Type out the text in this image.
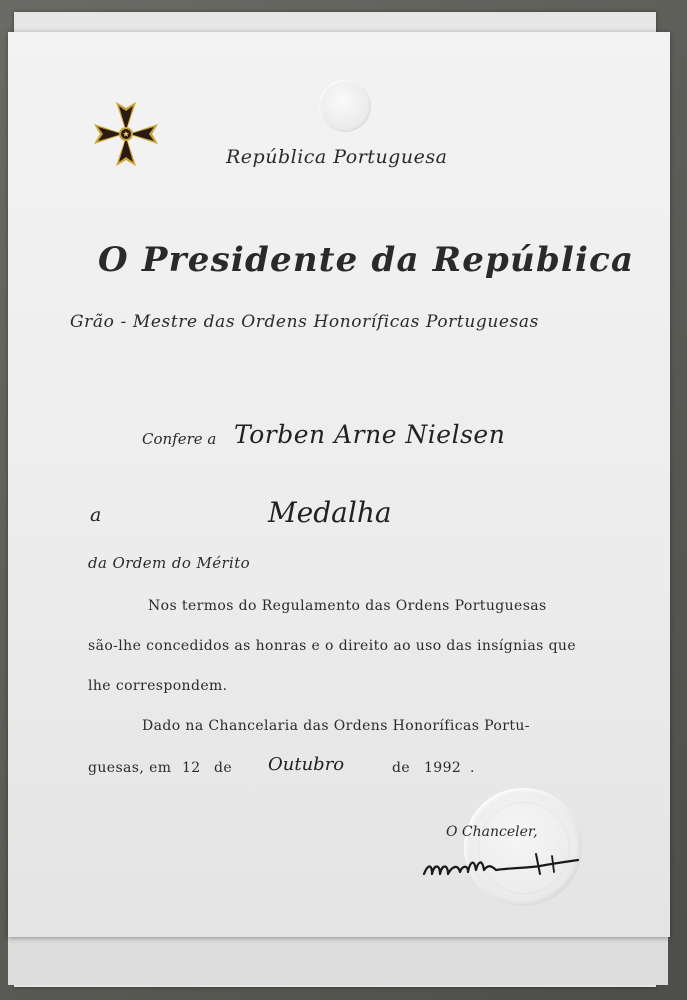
República Portuguesa
O Presidente da República
Grão - Mestre das Ordens Honoríficas Portuguesas
Confere a Torben Arne Nielsen
a	Medalha
da Ordem do Mérito
Nos termos do Regulamento das Ordens Portuguesas
são-lhe concedidos as honras e o direito ao uso das insígnias que
lhe correspondem.
Dado na Chancelaria das Ordens Honoríficas Portu-
guesas, em 12 de Outubro	de 1992 .
O Chanceler,
